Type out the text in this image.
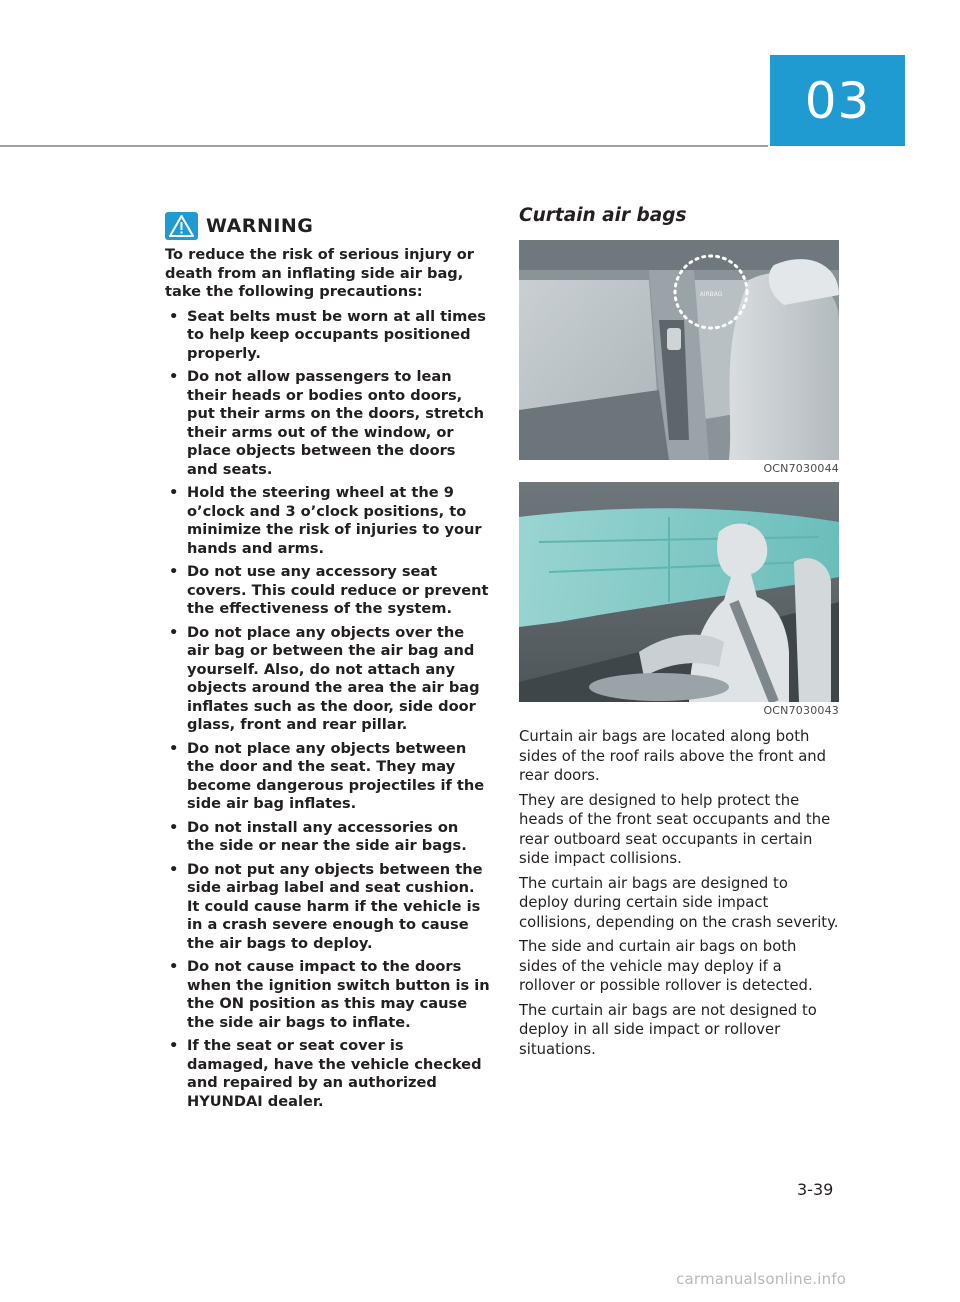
03
WARNING

To reduce the risk of serious injury or death from an inflating side air bag, take the following precautions:

• Seat belts must be worn at all times to help keep occupants positioned properly.
• Do not allow passengers to lean their heads or bodies onto doors, put their arms on the doors, stretch their arms out of the window, or place objects between the doors and seats.
• Hold the steering wheel at the 9 o’clock and 3 o’clock positions, to minimize the risk of injuries to your hands and arms.
• Do not use any accessory seat covers. This could reduce or prevent the effectiveness of the system.
• Do not place any objects over the air bag or between the air bag and yourself. Also, do not attach any objects around the area the air bag inflates such as the door, side door glass, front and rear pillar.
• Do not place any objects between the door and the seat. They may become dangerous projectiles if the side air bag inflates.
• Do not install any accessories on the side or near the side air bags.
• Do not put any objects between the side airbag label and seat cushion. It could cause harm if the vehicle is in a crash severe enough to cause the air bags to deploy.
• Do not cause impact to the doors when the ignition switch button is in the ON position as this may cause the side air bags to inflate.
• If the seat or seat cover is damaged, have the vehicle checked and repaired by an authorized HYUNDAI dealer.
Curtain air bags
AIRBAG
OCN7030044
OCN7030043

Curtain air bags are located along both sides of the roof rails above the front and rear doors.

They are designed to help protect the heads of the front seat occupants and the rear outboard seat occupants in certain side impact collisions.

The curtain air bags are designed to deploy during certain side impact collisions, depending on the crash severity.

The side and curtain air bags on both sides of the vehicle may deploy if a rollover or possible rollover is detected.

The curtain air bags are not designed to deploy in all side impact or rollover situations.

3-39
carmanualsonline.info
